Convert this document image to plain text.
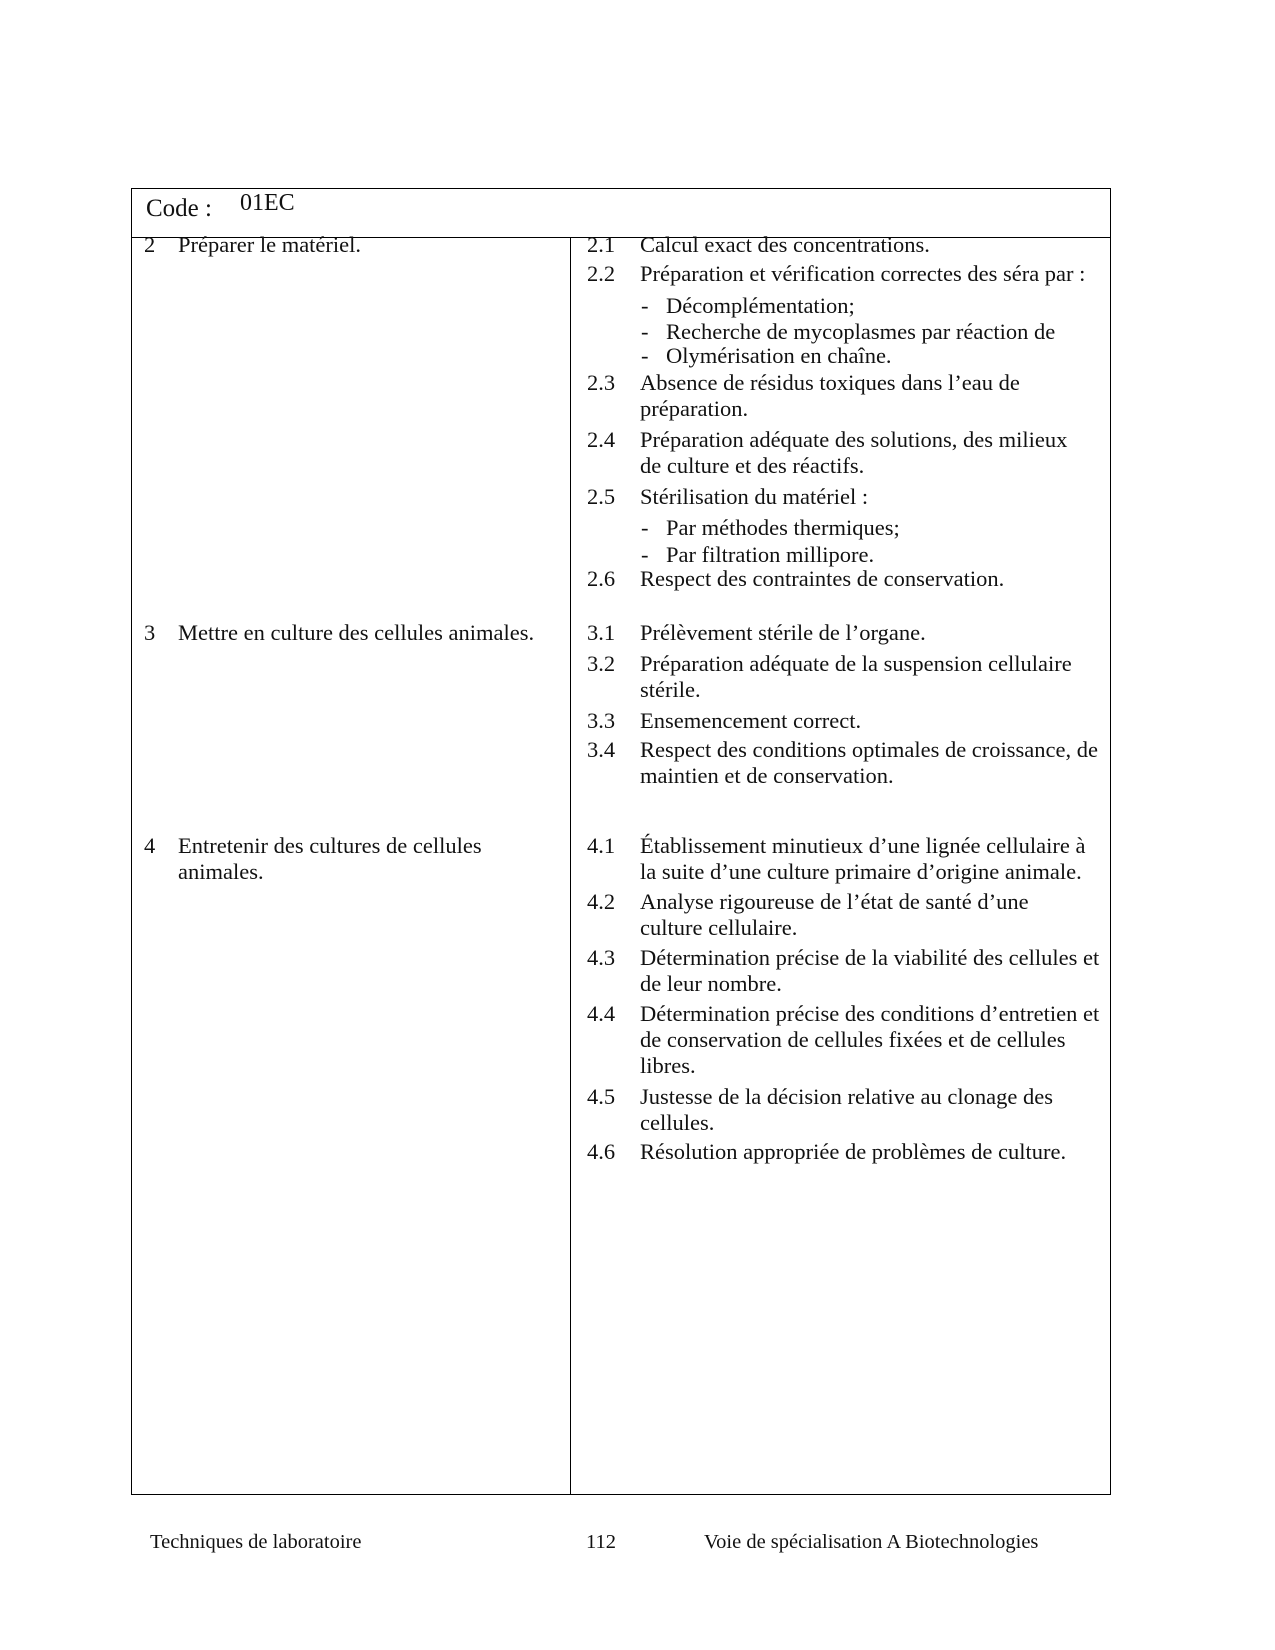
Code : 01EC
2 Préparer le matériel.
3 Mettre en culture des cellules animales.
4 Entretenir des cultures de cellules animales.
2.1 Calcul exact des concentrations.
2.2 Préparation et vérification correctes des séra par :
- Décomplémentation;
- Recherche de mycoplasmes par réaction de
- Olymérisation en chaîne.
2.3 Absence de résidus toxiques dans l’eau de préparation.
2.4 Préparation adéquate des solutions, des milieux de culture et des réactifs.
2.5 Stérilisation du matériel :
- Par méthodes thermiques;
- Par filtration millipore.
2.6 Respect des contraintes de conservation.
3.1 Prélèvement stérile de l’organe.
3.2 Préparation adéquate de la suspension cellulaire stérile.
3.3 Ensemencement correct.
3.4 Respect des conditions optimales de croissance, de maintien et de conservation.
4.1 Établissement minutieux d’une lignée cellulaire à la suite d’une culture primaire d’origine animale.
4.2 Analyse rigoureuse de l’état de santé d’une culture cellulaire.
4.3 Détermination précise de la viabilité des cellules et de leur nombre.
4.4 Détermination précise des conditions d’entretien et de conservation de cellules fixées et de cellules libres.
4.5 Justesse de la décision relative au clonage des cellules.
4.6 Résolution appropriée de problèmes de culture.
Techniques de laboratoire	112	Voie de spécialisation A Biotechnologies
